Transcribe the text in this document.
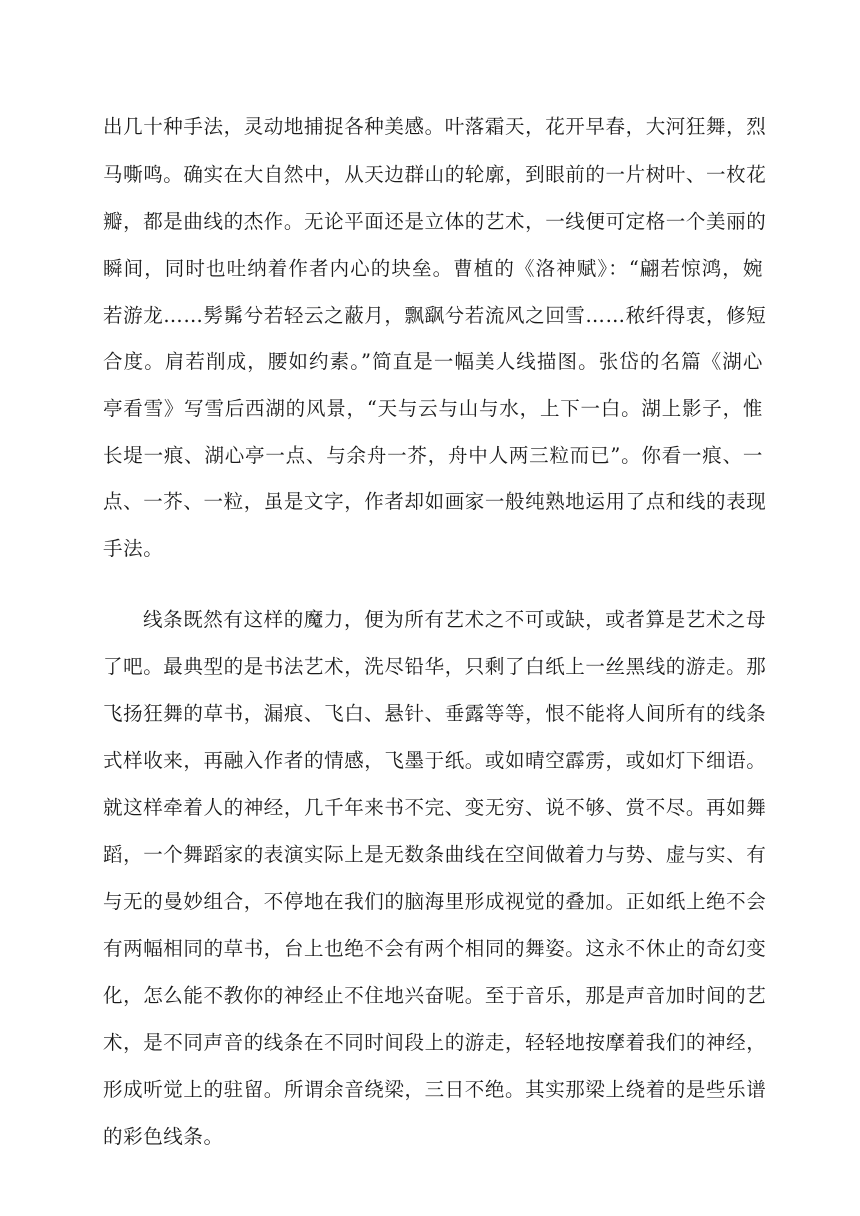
出几十种手法，灵动地捕捉各种美感。叶落霜天，花开早春，大河狂舞，烈
马嘶鸣。确实在大自然中，从天边群山的轮廓，到眼前的一片树叶、一枚花
瓣，都是曲线的杰作。无论平面还是立体的艺术，一线便可定格一个美丽的
瞬间，同时也吐纳着作者内心的块垒。曹植的《洛神赋》：“翩若惊鸿，婉
若游龙……髣髴兮若轻云之蔽月，飘飖兮若流风之回雪……秾纤得衷，修短
合度。肩若削成，腰如约素。”简直是一幅美人线描图。张岱的名篇《湖心
亭看雪》写雪后西湖的风景，“天与云与山与水，上下一白。湖上影子，惟
长堤一痕、湖心亭一点、与余舟一芥，舟中人两三粒而已”。你看一痕、一
点、一芥、一粒，虽是文字，作者却如画家一般纯熟地运用了点和线的表现
手法。
线条既然有这样的魔力，便为所有艺术之不可或缺，或者算是艺术之母
了吧。最典型的是书法艺术，洗尽铅华，只剩了白纸上一丝黑线的游走。那
飞扬狂舞的草书，漏痕、飞白、悬针、垂露等等，恨不能将人间所有的线条
式样收来，再融入作者的情感，飞墨于纸。或如晴空霹雳，或如灯下细语。
就这样牵着人的神经，几千年来书不完、变无穷、说不够、赏不尽。再如舞
蹈，一个舞蹈家的表演实际上是无数条曲线在空间做着力与势、虚与实、有
与无的曼妙组合，不停地在我们的脑海里形成视觉的叠加。正如纸上绝不会
有两幅相同的草书，台上也绝不会有两个相同的舞姿。这永不休止的奇幻变
化，怎么能不教你的神经止不住地兴奋呢。至于音乐，那是声音加时间的艺
术，是不同声音的线条在不同时间段上的游走，轻轻地按摩着我们的神经，
形成听觉上的驻留。所谓余音绕梁，三日不绝。其实那梁上绕着的是些乐谱
的彩色线条。
